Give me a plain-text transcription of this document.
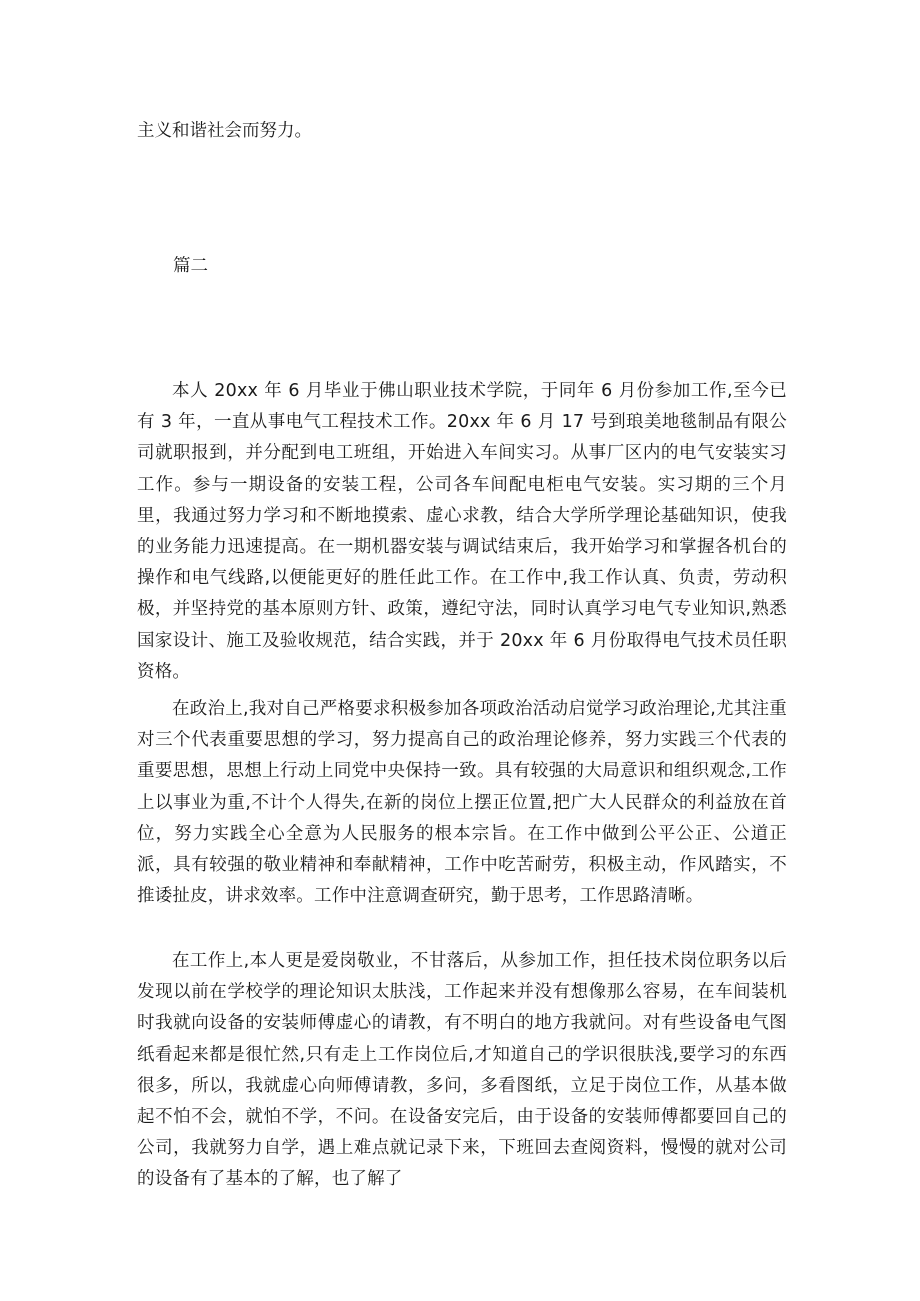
主义和谐社会而努力。

篇二

本人 20xx 年 6 月毕业于佛山职业技术学院，于同年 6 月份参加工作,至今已有 3 年，一直从事电气工程技术工作。20xx 年 6 月 17 号到琅美地毯制品有限公司就职报到，并分配到电工班组，开始进入车间实习。从事厂区内的电气安装实习工作。参与一期设备的安装工程，公司各车间配电柜电气安装。实习期的三个月里，我通过努力学习和不断地摸索、虚心求教，结合大学所学理论基础知识，使我的业务能力迅速提高。在一期机器安装与调试结束后，我开始学习和掌握各机台的操作和电气线路,以便能更好的胜任此工作。在工作中,我工作认真、负责，劳动积极，并坚持党的基本原则方针、政策，遵纪守法，同时认真学习电气专业知识,熟悉国家设计、施工及验收规范，结合实践，并于 20xx 年 6 月份取得电气技术员任职资格。

在政治上,我对自己严格要求积极参加各项政治活动启觉学习政治理论,尤其注重对三个代表重要思想的学习，努力提高自己的政治理论修养，努力实践三个代表的重要思想，思想上行动上同党中央保持一致。具有较强的大局意识和组织观念,工作上以事业为重,不计个人得失,在新的岗位上摆正位置,把广大人民群众的利益放在首位，努力实践全心全意为人民服务的根本宗旨。在工作中做到公平公正、公道正派，具有较强的敬业精神和奉献精神，工作中吃苦耐劳，积极主动，作风踏实，不推诿扯皮，讲求效率。工作中注意调查研究，勤于思考，工作思路清晰。

在工作上,本人更是爱岗敬业，不甘落后，从参加工作，担任技术岗位职务以后发现以前在学校学的理论知识太肤浅，工作起来并没有想像那么容易，在车间装机时我就向设备的安装师傅虚心的请教，有不明白的地方我就问。对有些设备电气图纸看起来都是很忙然,只有走上工作岗位后,才知道自己的学识很肤浅,要学习的东西很多，所以，我就虚心向师傅请教，多问，多看图纸，立足于岗位工作，从基本做起不怕不会，就怕不学，不问。在设备安完后，由于设备的安装师傅都要回自己的公司，我就努力自学，遇上难点就记录下来，下班回去查阅资料，慢慢的就对公司的设备有了基本的了解，也了解了
